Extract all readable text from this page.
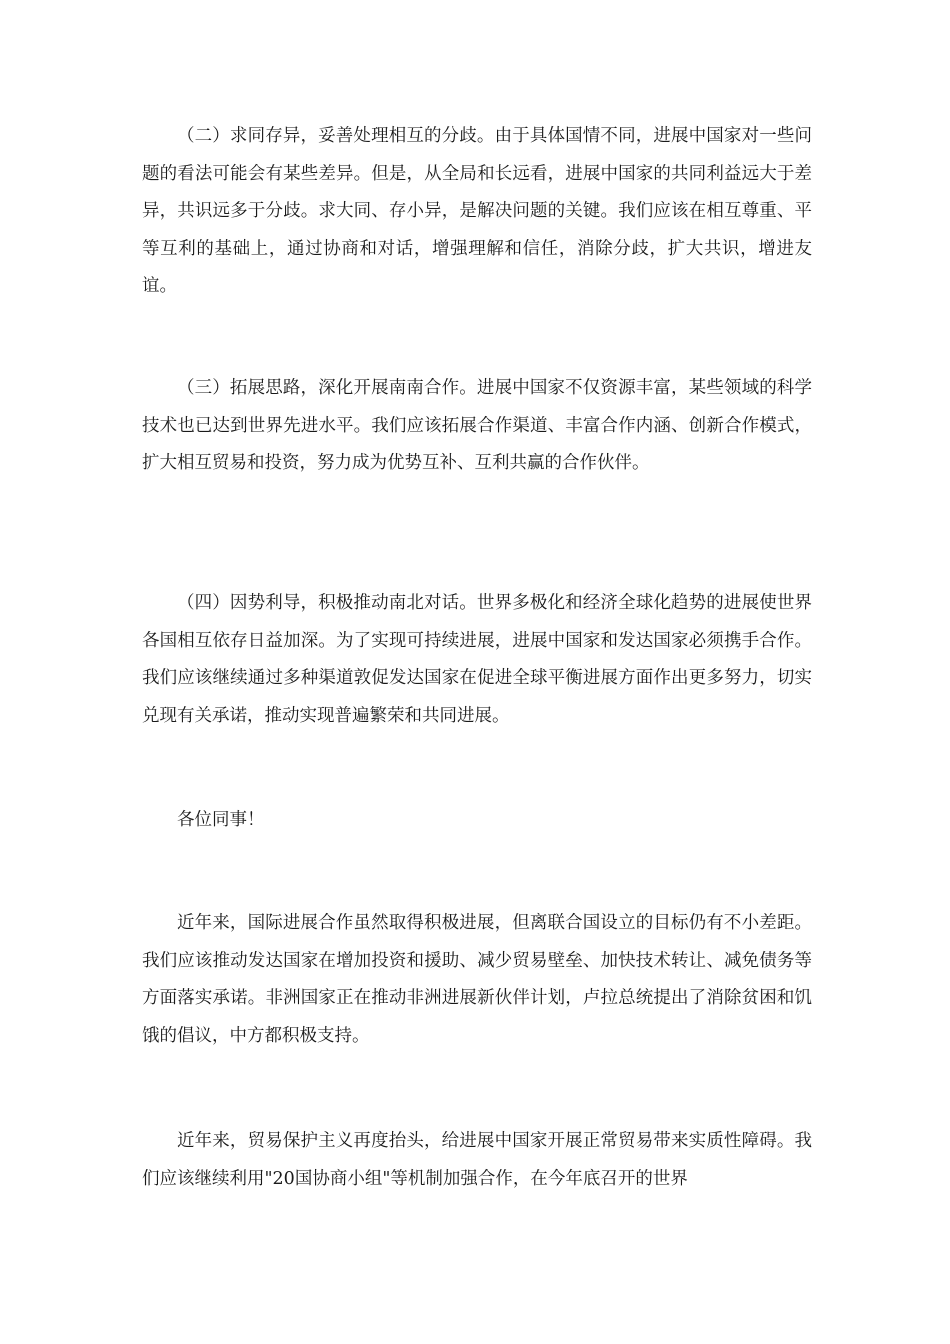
（二）求同存异，妥善处理相互的分歧。由于具体国情不同，进展中国家对一些问题的看法可能会有某些差异。但是，从全局和长远看，进展中国家的共同利益远大于差异，共识远多于分歧。求大同、存小异，是解决问题的关键。我们应该在相互尊重、平等互利的基础上，通过协商和对话，增强理解和信任，消除分歧，扩大共识，增进友谊。

（三）拓展思路，深化开展南南合作。进展中国家不仅资源丰富，某些领域的科学技术也已达到世界先进水平。我们应该拓展合作渠道、丰富合作内涵、创新合作模式，扩大相互贸易和投资，努力成为优势互补、互利共赢的合作伙伴。

（四）因势利导，积极推动南北对话。世界多极化和经济全球化趋势的进展使世界各国相互依存日益加深。为了实现可持续进展，进展中国家和发达国家必须携手合作。我们应该继续通过多种渠道敦促发达国家在促进全球平衡进展方面作出更多努力，切实兑现有关承诺，推动实现普遍繁荣和共同进展。

各位同事！

近年来，国际进展合作虽然取得积极进展，但离联合国设立的目标仍有不小差距。我们应该推动发达国家在增加投资和援助、减少贸易壁垒、加快技术转让、减免债务等方面落实承诺。非洲国家正在推动非洲进展新伙伴计划，卢拉总统提出了消除贫困和饥饿的倡议，中方都积极支持。

近年来，贸易保护主义再度抬头，给进展中国家开展正常贸易带来实质性障碍。我们应该继续利用"20国协商小组"等机制加强合作，在今年底召开的世界
